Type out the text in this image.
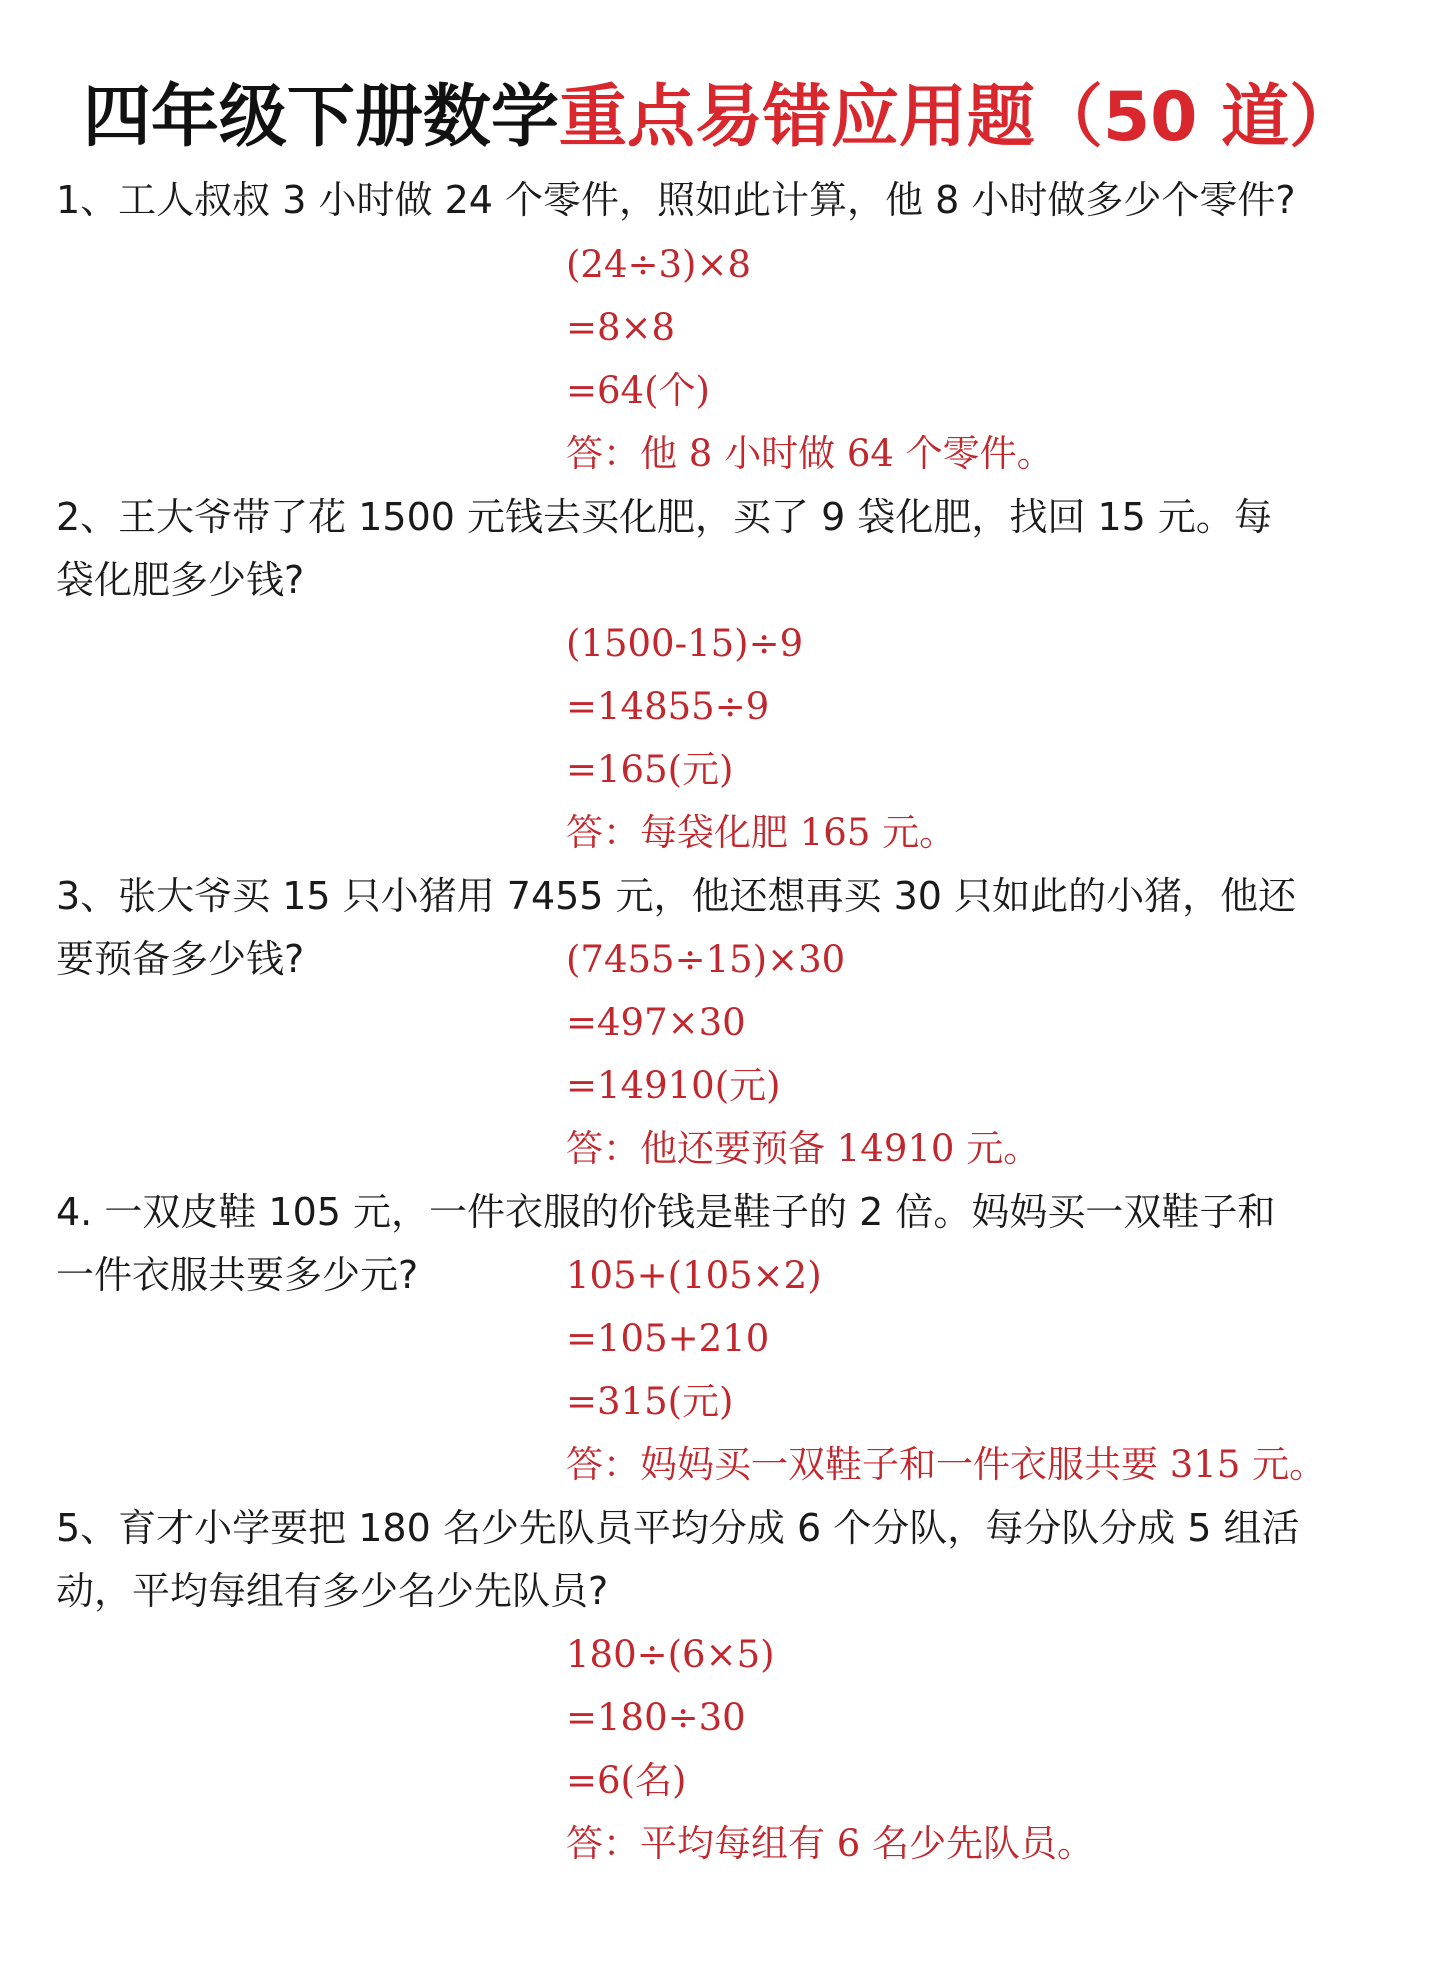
四年级下册数学重点易错应用题（50 道）
1、工人叔叔 3 小时做 24 个零件，照如此计算，他 8 小时做多少个零件?
(24÷3)×8
=8×8
=64(个)
答：他 8 小时做 64 个零件。
2、王大爷带了花 1500 元钱去买化肥，买了 9 袋化肥，找回 15 元。每
袋化肥多少钱?
(1500-15)÷9
=14855÷9
=165(元)
答：每袋化肥 165 元。
3、张大爷买 15 只小猪用 7455 元，他还想再买 30 只如此的小猪，他还
要预备多少钱?	(7455÷15)×30
=497×30
=14910(元)
答：他还要预备 14910 元。
4. 一双皮鞋 105 元，一件衣服的价钱是鞋子的 2 倍。妈妈买一双鞋子和
一件衣服共要多少元?	105+(105×2)
=105+210
=315(元)
答：妈妈买一双鞋子和一件衣服共要 315 元。
5、育才小学要把 180 名少先队员平均分成 6 个分队，每分队分成 5 组活
动，平均每组有多少名少先队员?
180÷(6×5)
=180÷30
=6(名)
答：平均每组有 6 名少先队员。
